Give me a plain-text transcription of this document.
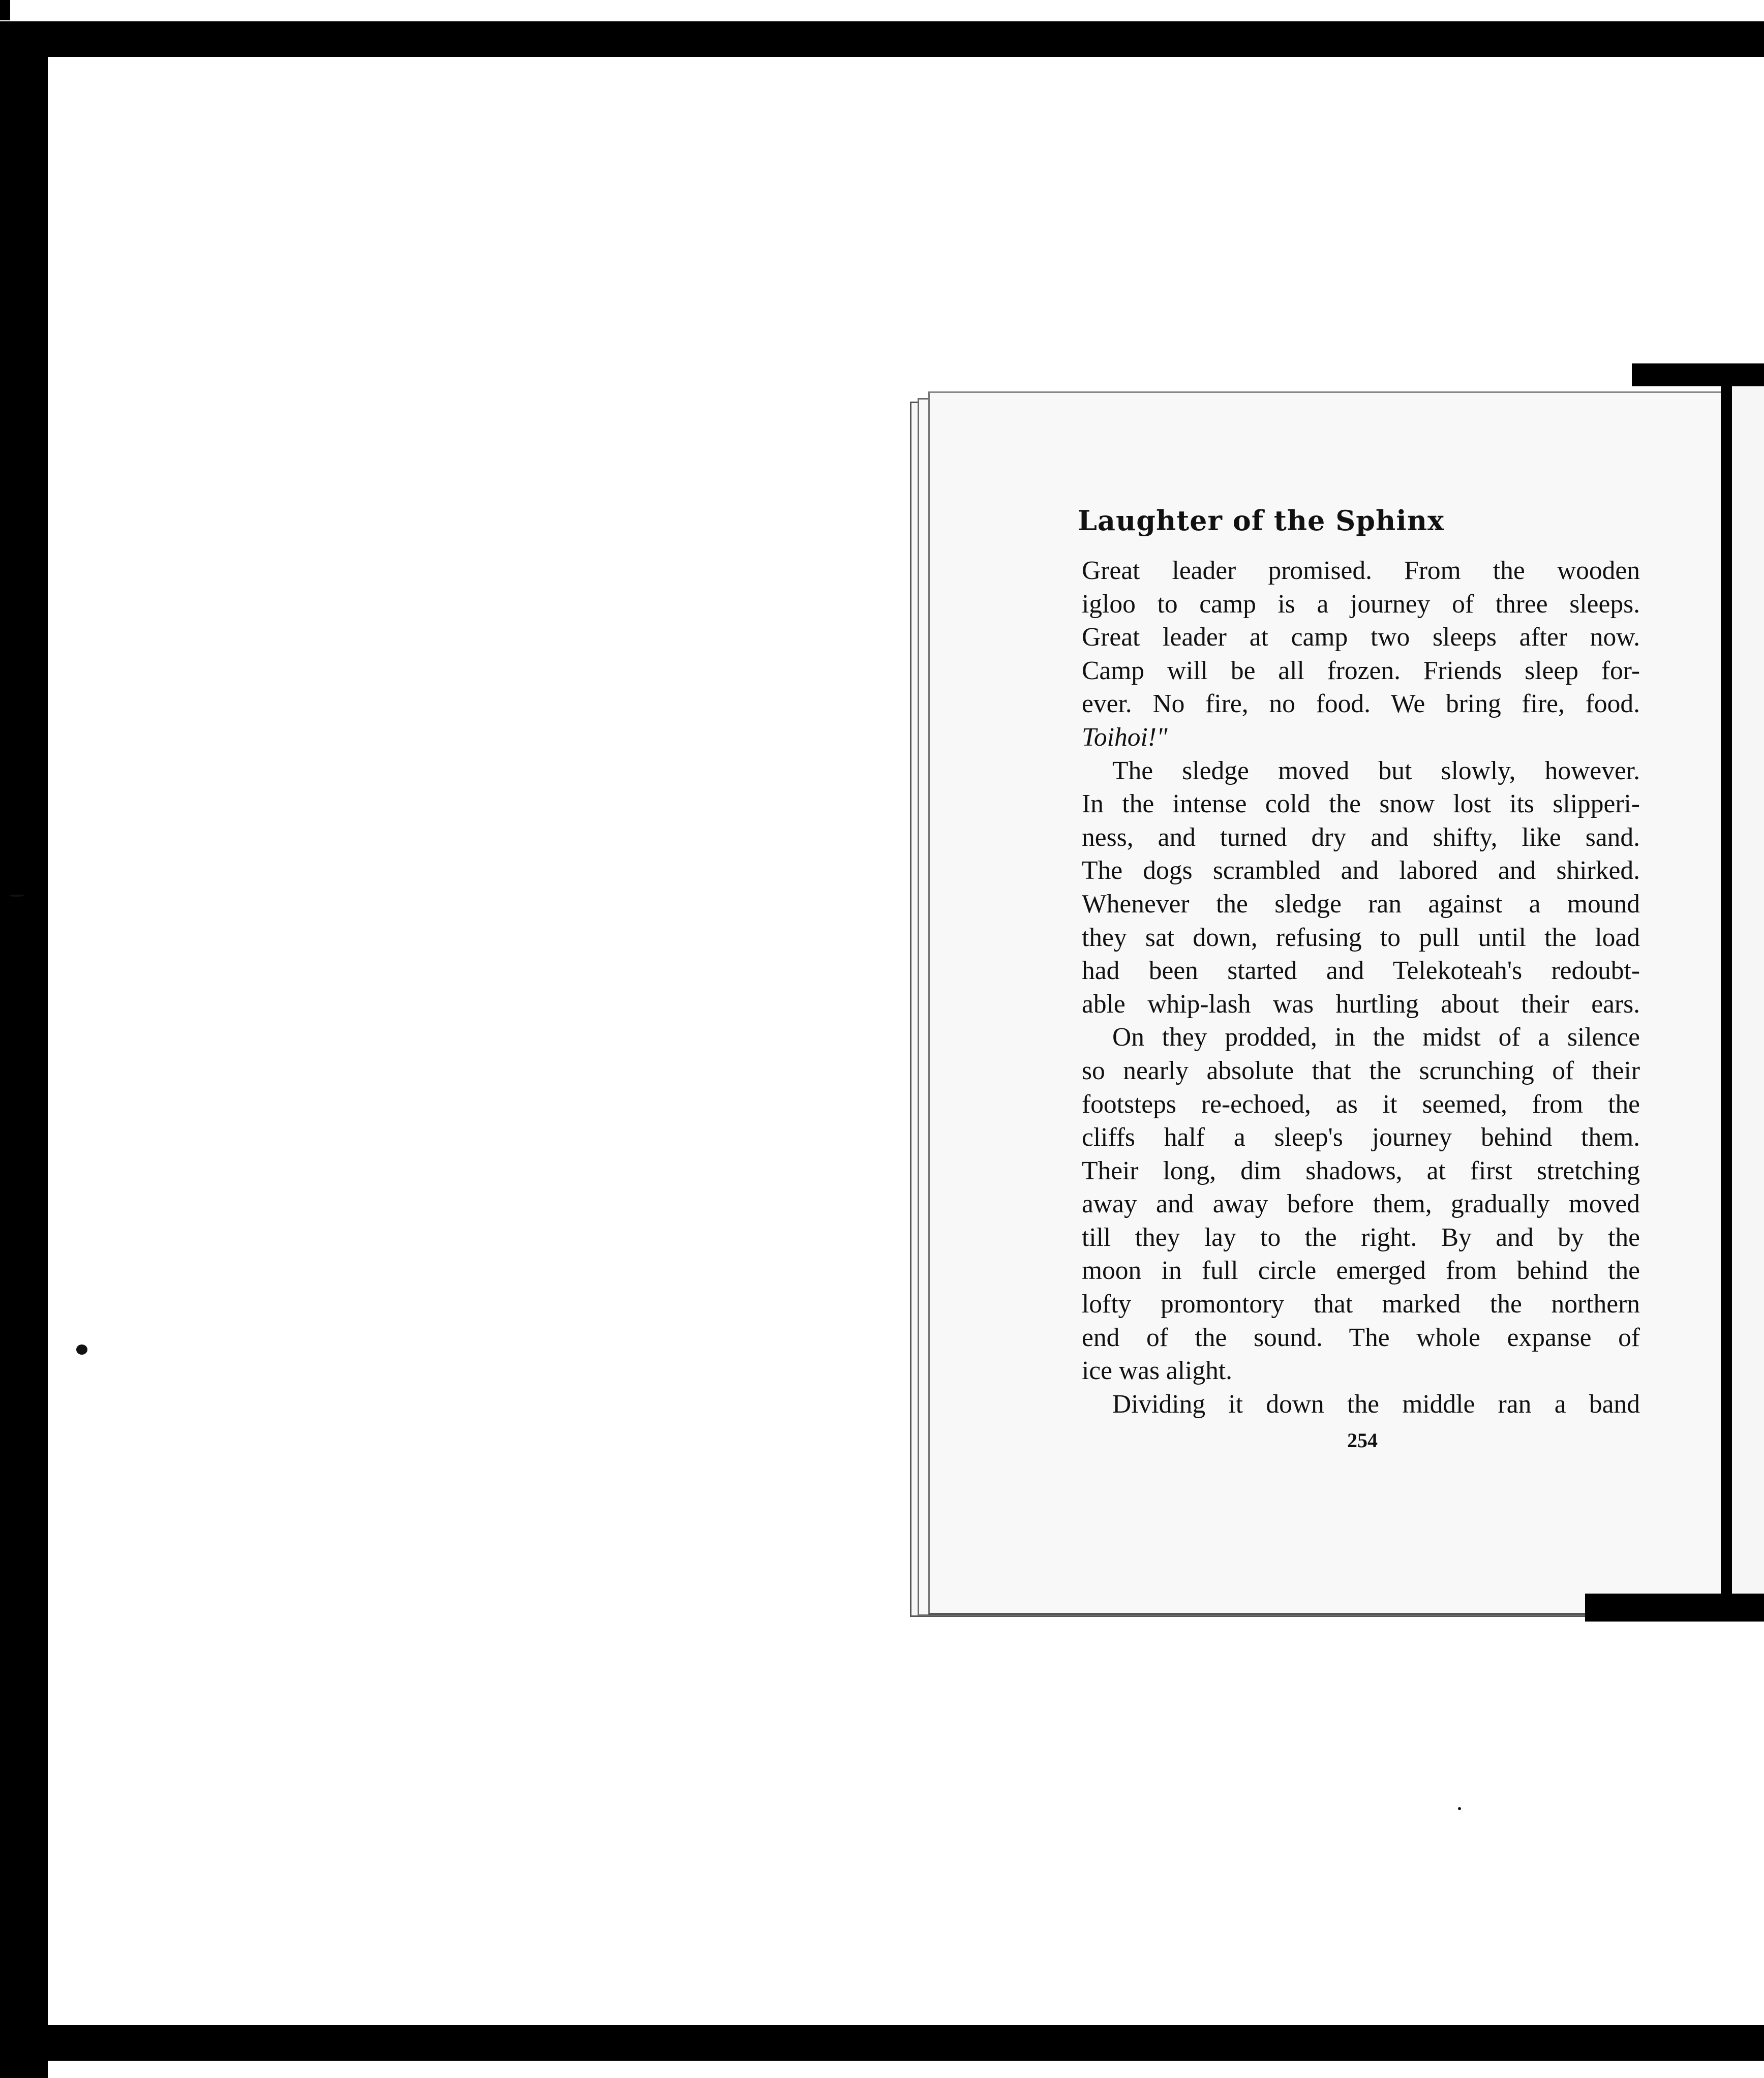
Laughter of the Sphinx
Great leader promised. From the wooden
igloo to camp is a journey of three sleeps.
Great leader at camp two sleeps after now.
Camp will be all frozen. Friends sleep for-
ever. No fire, no food. We bring fire, food.
Toihoi!"
The sledge moved but slowly, however.
In the intense cold the snow lost its slipperi-
ness, and turned dry and shifty, like sand.
The dogs scrambled and labored and shirked.
Whenever the sledge ran against a mound
they sat down, refusing to pull until the load
had been started and Telekoteah's redoubt-
able whip-lash was hurtling about their ears.
On they prodded, in the midst of a silence
so nearly absolute that the scrunching of their
footsteps re-echoed, as it seemed, from the
cliffs half a sleep's journey behind them.
Their long, dim shadows, at first stretching
away and away before them, gradually moved
till they lay to the right. By and by the
moon in full circle emerged from behind the
lofty promontory that marked the northern
end of the sound. The whole expanse of
ice was alight.
Dividing it down the middle ran a band
254
